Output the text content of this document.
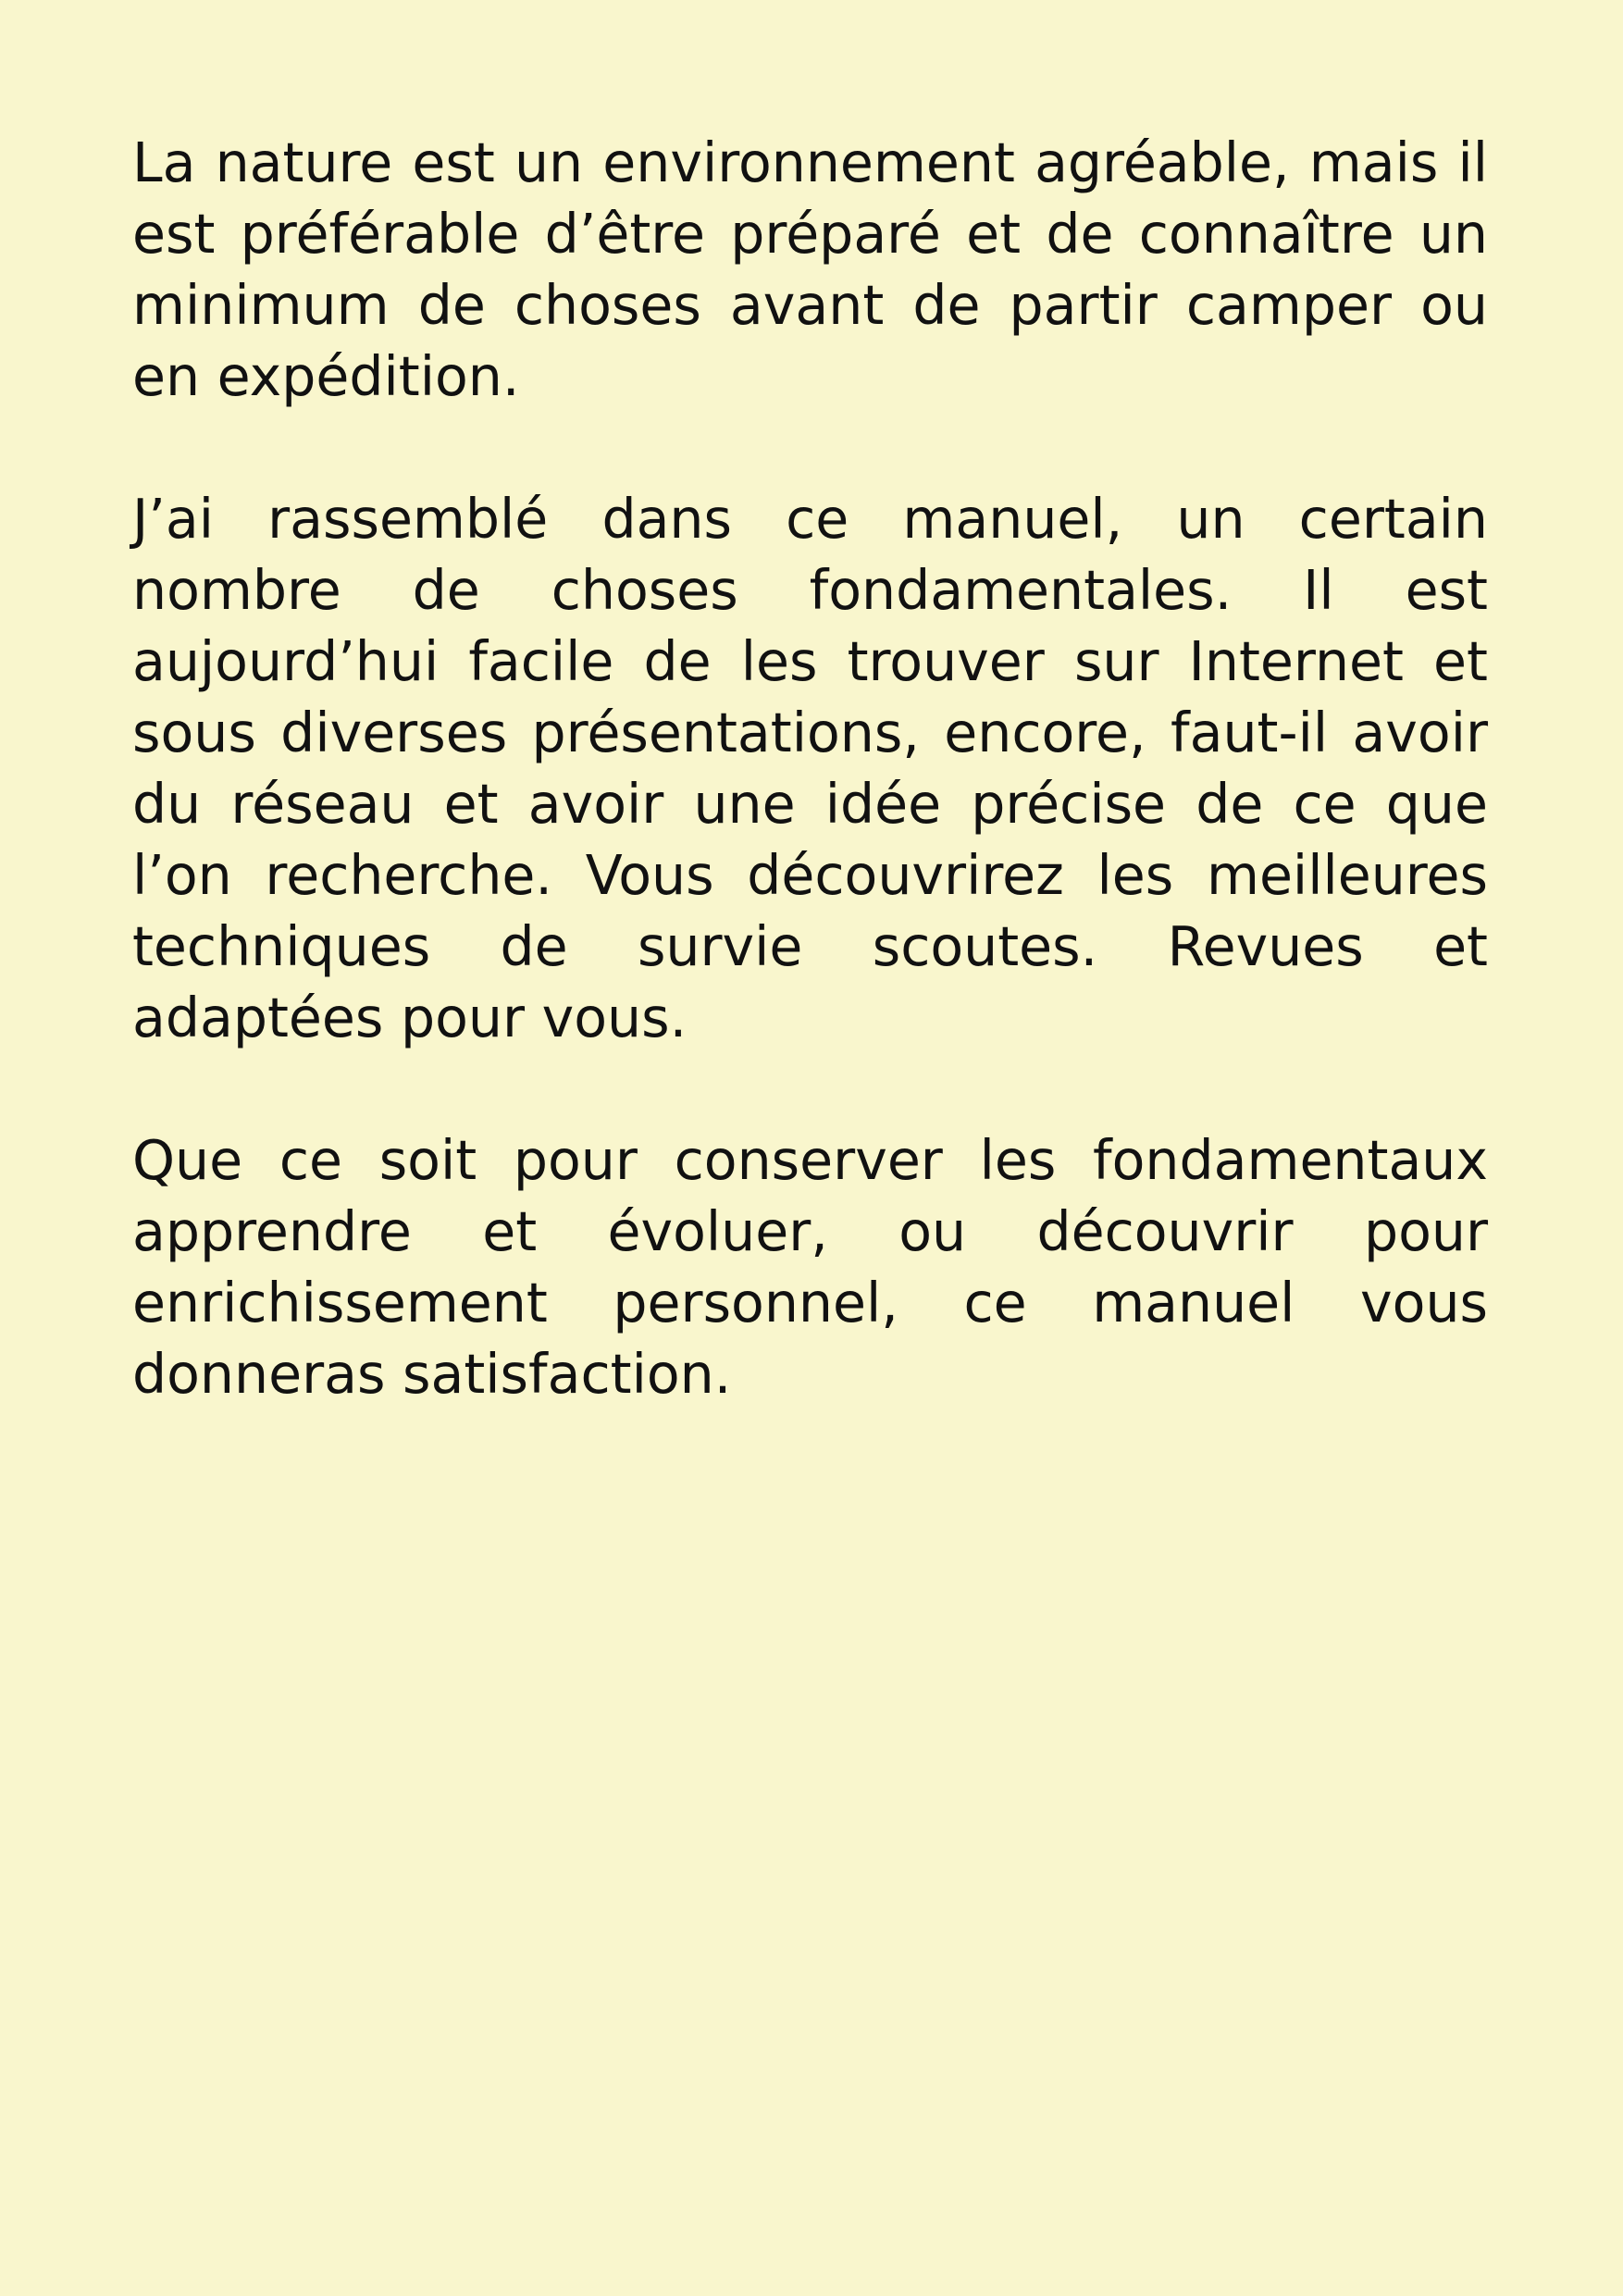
La nature est un environnement agréable, mais il est préférable d’être préparé et de connaître un minimum de choses avant de partir camper ou en expédition.

J’ai rassemblé dans ce manuel, un certain nombre de choses fondamentales. Il est aujourd’hui facile de les trouver sur Internet et sous diverses présentations, encore, faut-il avoir du réseau et avoir une idée précise de ce que l’on recherche. Vous découvrirez les meilleures techniques de survie scoutes. Revues et adaptées pour vous.

Que ce soit pour conserver les fondamentaux apprendre et évoluer, ou découvrir pour enrichissement personnel, ce manuel vous donneras satisfaction.
